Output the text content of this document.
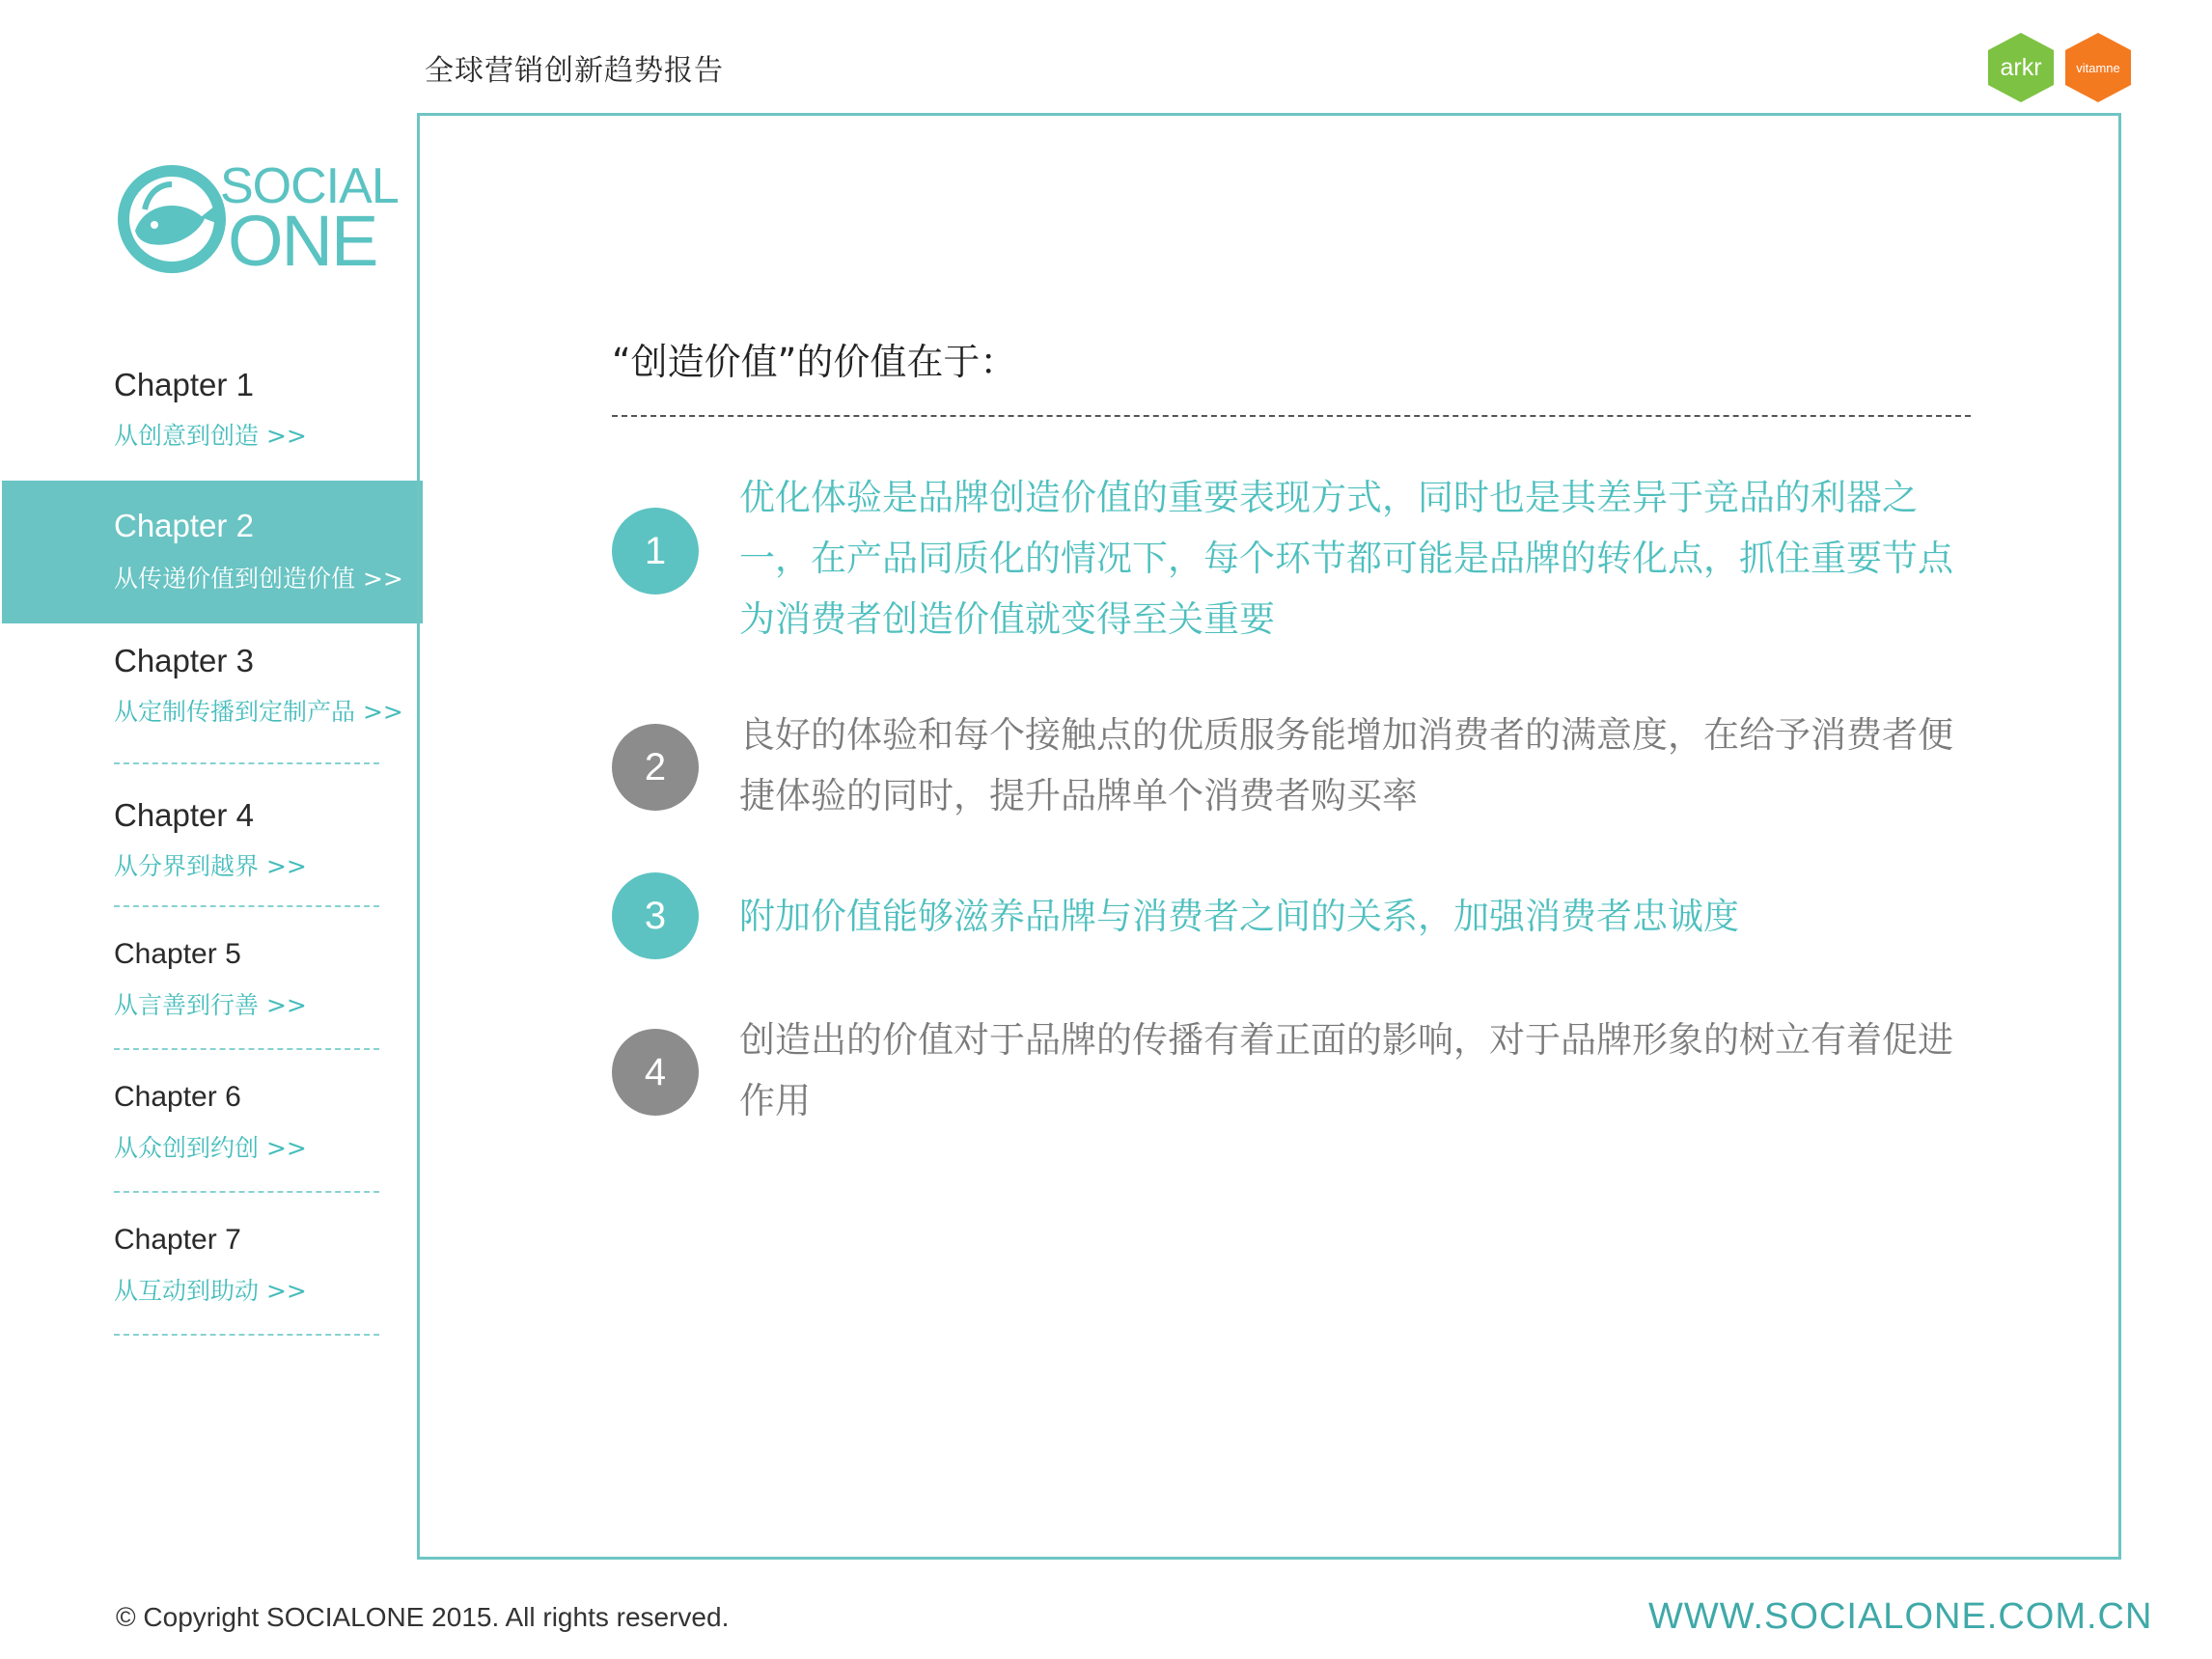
全球营销创新趋势报告	arkr	vitamne
SOCIAL
ONE
Chapter 1
从创意到创造 >>
Chapter 2
从传递价值到创造价值 >>
Chapter 3
从定制传播到定制产品 >>
Chapter 4
从分界到越界 >>
Chapter 5
从言善到行善 >>
Chapter 6
从众创到约创 >>
Chapter 7
从互动到助动 >>
“创造价值”的价值在于：
1
优化体验是品牌创造价值的重要表现方式，同时也是其差异于竞品的利器之一，在产品同质化的情况下，每个环节都可能是品牌的转化点，抓住重要节点为消费者创造价值就变得至关重要
2
良好的体验和每个接触点的优质服务能增加消费者的满意度，在给予消费者便捷体验的同时，提升品牌单个消费者购买率
3	附加价值能够滋养品牌与消费者之间的关系，加强消费者忠诚度
4
创造出的价值对于品牌的传播有着正面的影响，对于品牌形象的树立有着促进作用
© Copyright SOCIALONE 2015. All rights reserved.	WWW.SOCIALONE.COM.CN
